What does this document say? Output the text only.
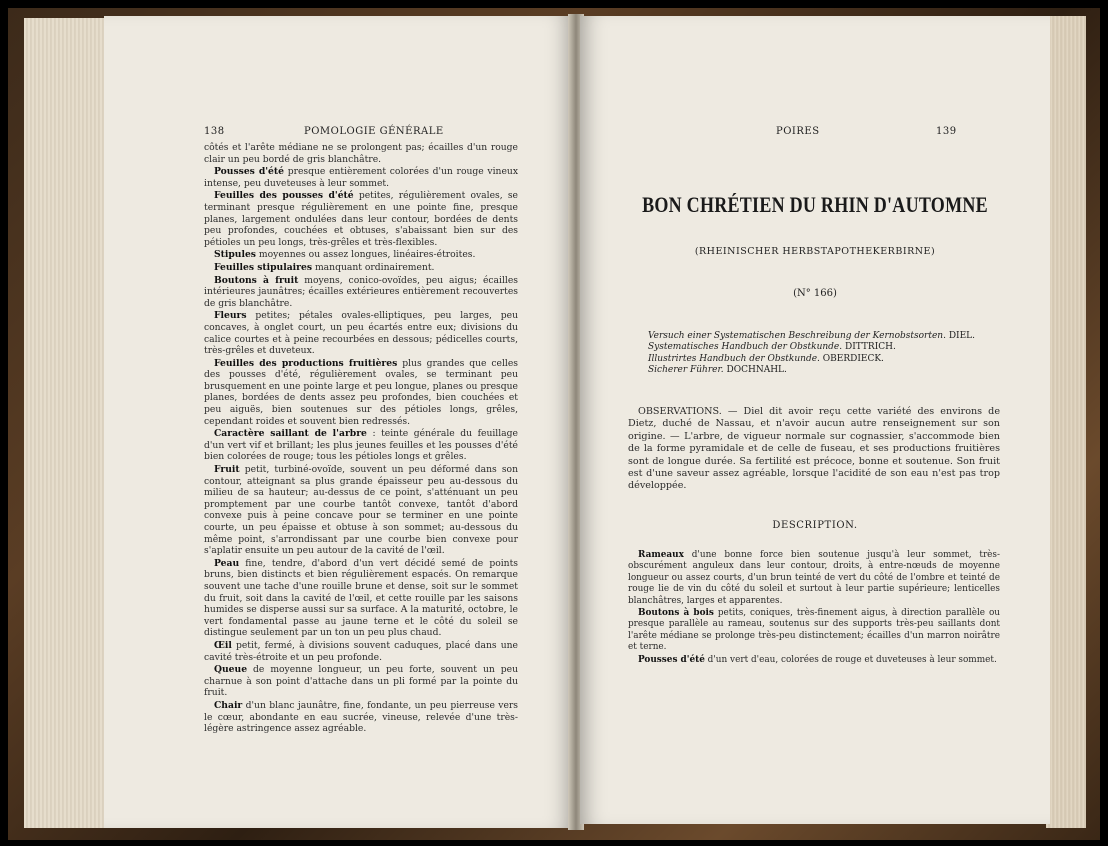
138	POMOLOGIE GÉNÉRALE

côtés et l'arête médiane ne se prolongent pas; écailles d'un rouge clair un peu bordé de gris blanchâtre.

Pousses d'été presque entièrement colorées d'un rouge vineux intense, peu duveteuses à leur sommet.

Feuilles des pousses d'été petites, régulièrement ovales, se terminant presque régulièrement en une pointe fine, presque planes, largement ondulées dans leur contour, bordées de dents peu profondes, couchées et obtuses, s'abaissant bien sur des pétioles un peu longs, très-grêles et très-flexibles.

Stipules moyennes ou assez longues, linéaires-étroites.

Feuilles stipulaires manquant ordinairement.

Boutons à fruit moyens, conico-ovoïdes, peu aigus; écailles intérieures jaunâtres; écailles extérieures entièrement recouvertes de gris blanchâtre.

Fleurs petites; pétales ovales-elliptiques, peu larges, peu concaves, à onglet court, un peu écartés entre eux; divisions du calice courtes et à peine recourbées en dessous; pédicelles courts, très-grêles et duveteux.

Feuilles des productions fruitières plus grandes que celles des pousses d'été, régulièrement ovales, se terminant peu brusquement en une pointe large et peu longue, planes ou presque planes, bordées de dents assez peu profondes, bien couchées et peu aiguës, bien soutenues sur des pétioles longs, grêles, cependant roides et souvent bien redressés.

Caractère saillant de l'arbre : teinte générale du feuillage d'un vert vif et brillant; les plus jeunes feuilles et les pousses d'été bien colorées de rouge; tous les pétioles longs et grêles.

Fruit petit, turbiné-ovoïde, souvent un peu déformé dans son contour, atteignant sa plus grande épaisseur peu au-dessous du milieu de sa hauteur; au-dessus de ce point, s'atténuant un peu promptement par une courbe tantôt convexe, tantôt d'abord convexe puis à peine concave pour se terminer en une pointe courte, un peu épaisse et obtuse à son sommet; au-dessous du même point, s'arrondissant par une courbe bien convexe pour s'aplatir ensuite un peu autour de la cavité de l'œil.

Peau fine, tendre, d'abord d'un vert décidé semé de points bruns, bien distincts et bien régulièrement espacés. On remarque souvent une tache d'une rouille brune et dense, soit sur le sommet du fruit, soit dans la cavité de l'œil, et cette rouille par les saisons humides se disperse aussi sur sa surface. A la maturité, octobre, le vert fondamental passe au jaune terne et le côté du soleil se distingue seulement par un ton un peu plus chaud.

Œil petit, fermé, à divisions souvent caduques, placé dans une cavité très-étroite et un peu profonde.

Queue de moyenne longueur, un peu forte, souvent un peu charnue à son point d'attache dans un pli formé par la pointe du fruit.

Chair d'un blanc jaunâtre, fine, fondante, un peu pierreuse vers le cœur, abondante en eau sucrée, vineuse, relevée d'une très-légère astringence assez agréable.

POIRES	139
BON CHRÉTIEN DU RHIN D'AUTOMNE
(RHEINISCHER HERBSTAPOTHEKERBIRNE)
(N° 166)
Versuch einer Systematischen Beschreibung der Kernobstsorten. DIEL.
Systematisches Handbuch der Obstkunde. DITTRICH.
Illustrirtes Handbuch der Obstkunde. OBERDIECK.
Sicherer Führer. DOCHNAHL.

OBSERVATIONS. — Diel dit avoir reçu cette variété des environs de Dietz, duché de Nassau, et n'avoir aucun autre renseignement sur son origine. — L'arbre, de vigueur normale sur cognassier, s'accommode bien de la forme pyramidale et de celle de fuseau, et ses productions fruitières sont de longue durée. Sa fertilité est précoce, bonne et soutenue. Son fruit est d'une saveur assez agréable, lorsque l'acidité de son eau n'est pas trop développée.

DESCRIPTION.

Rameaux d'une bonne force bien soutenue jusqu'à leur sommet, très-obscurément anguleux dans leur contour, droits, à entre-nœuds de moyenne longueur ou assez courts, d'un brun teinté de vert du côté de l'ombre et teinté de rouge lie de vin du côté du soleil et surtout à leur partie supérieure; lenticelles blanchâtres, larges et apparentes.

Boutons à bois petits, coniques, très-finement aigus, à direction parallèle ou presque parallèle au rameau, soutenus sur des supports très-peu saillants dont l'arête médiane se prolonge très-peu distinctement; écailles d'un marron noirâtre et terne.

Pousses d'été d'un vert d'eau, colorées de rouge et duveteuses à leur sommet.
